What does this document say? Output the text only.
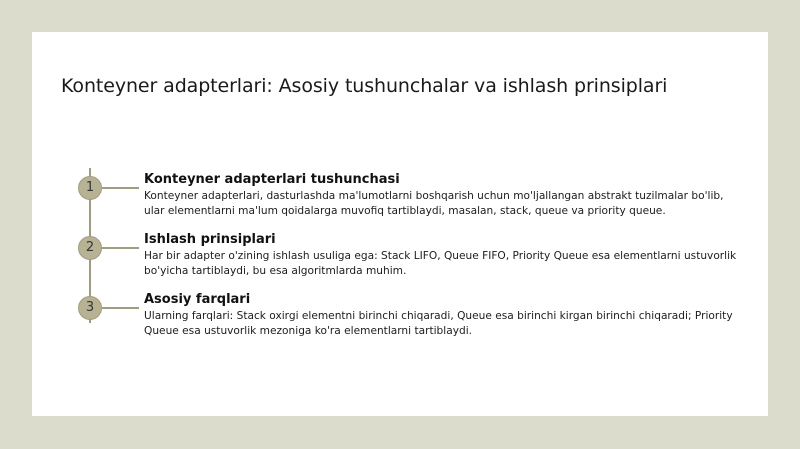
Konteyner adapterlari: Asosiy tushunchalar va ishlash prinsiplari
1
Konteyner adapterlari tushunchasi

Konteyner adapterlari, dasturlashda ma'lumotlarni boshqarish uchun mo'ljallangan abstrakt tuzilmalar bo'lib, ular elementlarni ma'lum qoidalarga muvofiq tartiblaydi, masalan, stack, queue va priority queue.

2
Ishlash prinsiplari

Har bir adapter o'zining ishlash usuliga ega: Stack LIFO, Queue FIFO, Priority Queue esa elementlarni ustuvorlik bo'yicha tartiblaydi, bu esa algoritmlarda muhim.

3
Asosiy farqlari

Ularning farqlari: Stack oxirgi elementni birinchi chiqaradi, Queue esa birinchi kirgan birinchi chiqaradi; Priority Queue esa ustuvorlik mezoniga ko'ra elementlarni tartiblaydi.
